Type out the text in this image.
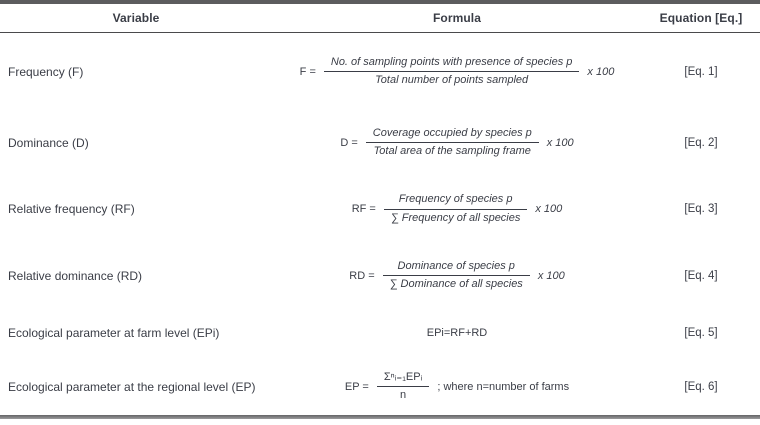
Variable	Formula	Equation [Eq.]
Frequency (F)	$F = \frac{\text{No. of sampling points with presence of species p}}{\text{Total number of points sampled}}$ x 100	[Eq. 1]
Dominance (D)	$D = \frac{\text{Coverage occupied by species p}}{\text{Total area of the sampling frame}}$ x 100	[Eq. 2]
Relative frequency (RF)	RF = $\frac{\text{Frequency of species p}}{\text{∑ Frequency of all species}}$ x 100	[Eq. 3]
Relative dominance (RD)	RD = $\frac{\text{Dominance of species p}}{\text{∑ Dominance of all species}}$ x 100	[Eq. 4]
Ecological parameter at farm level (EPi)	EPi=RF+RD	[Eq. 5]
Ecological parameter at the regional level (EP)	EP = $\frac{\text{Σⁿᵢ₌₁EPᵢ}}{n}$ ; where n=number of farms	[Eq. 6]
